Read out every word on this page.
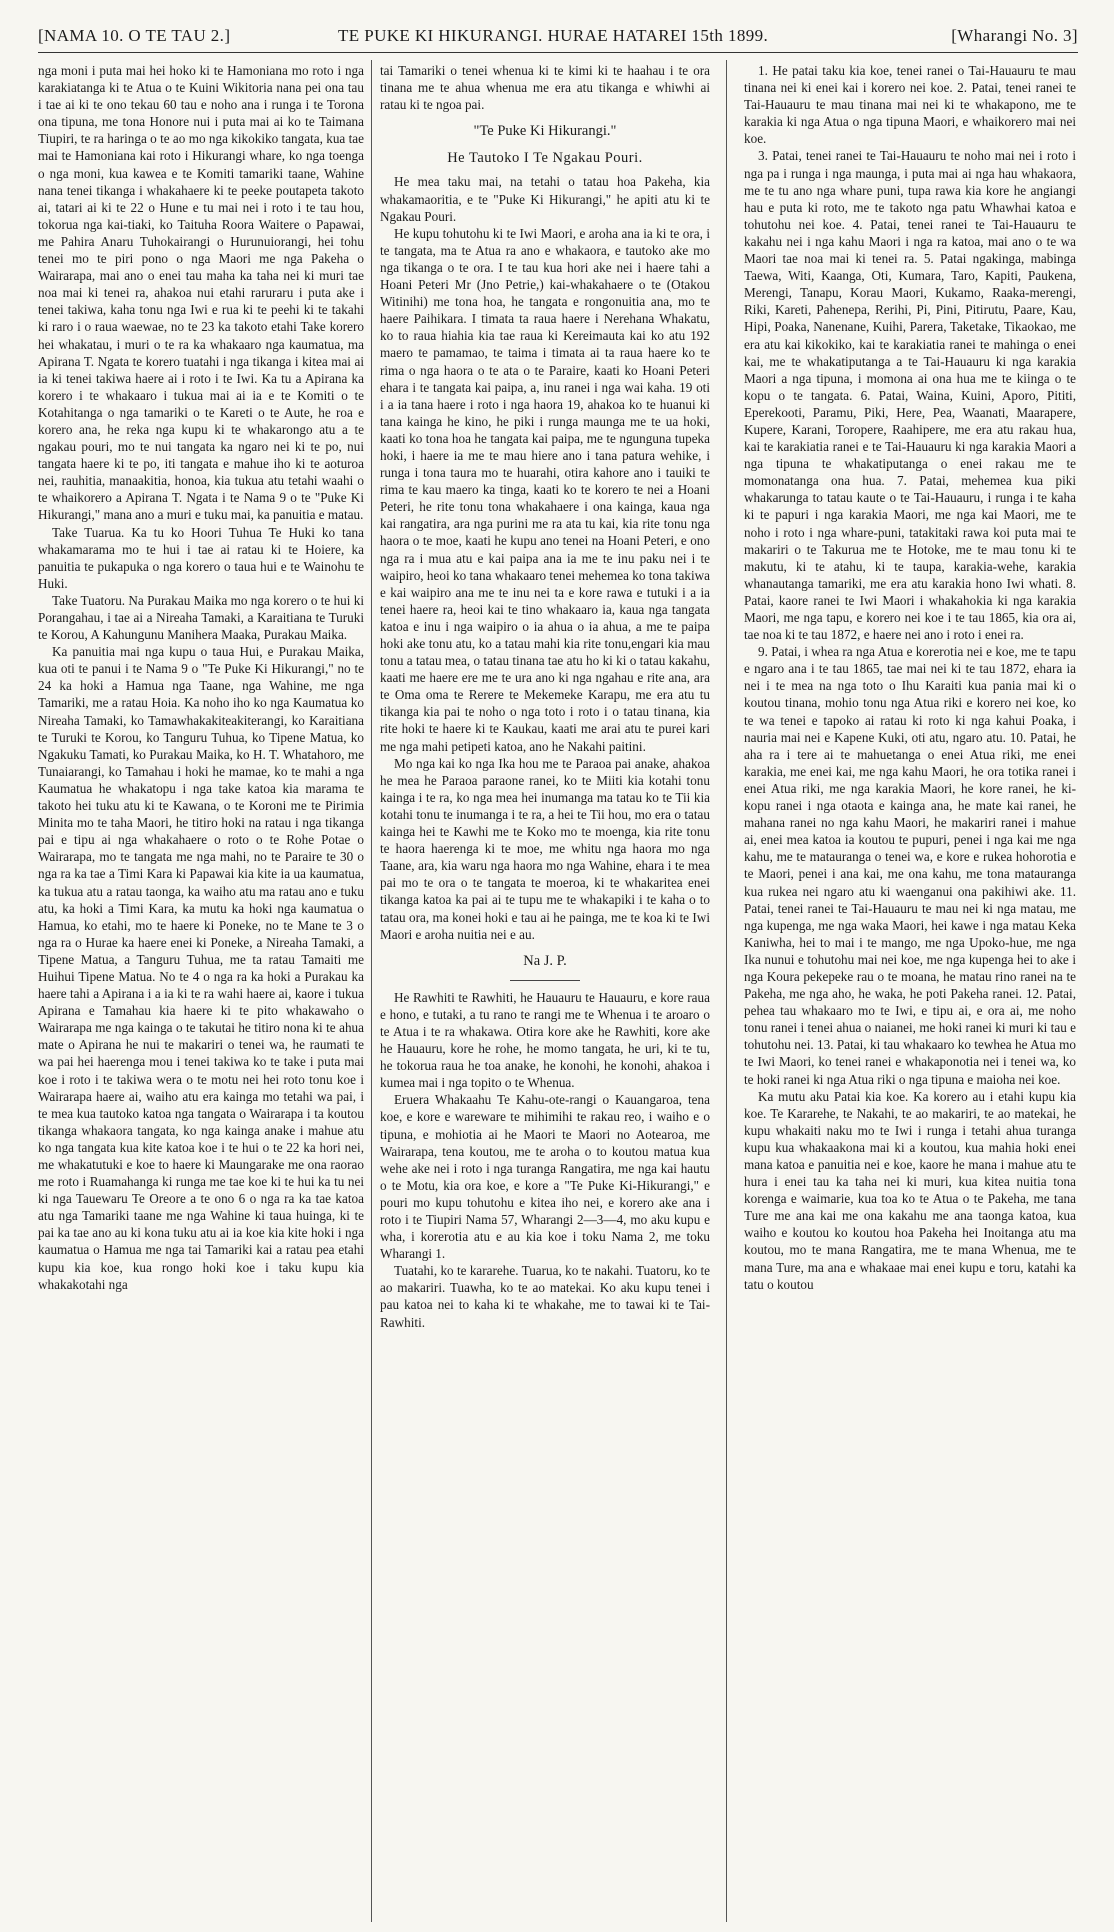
[NAMA 10. O TE TAU 2.]	TE PUKE KI HIKURANGI. HURAE HATAREI 15th 1899.	[Wharangi No. 3]

nga moni i puta mai hei hoko ki te Hamoniana mo roto i nga karakiatanga ki te Atua o te Kuini Wikitoria nana pei ona tau i tae ai ki te ono tekau 60 tau e noho ana i runga i te Torona ona tipuna, me tona Honore nui i puta mai ai ko te Taimana Tiupiri, te ra haringa o te ao mo nga kikokiko tangata, kua tae mai te Hamoniana kai roto i Hikurangi whare, ko nga toenga o nga moni, kua kawea e te Komiti tamariki taane, Wahine nana tenei tikanga i whakahaere ki te peeke poutapeta takoto ai, tatari ai ki te 22 o Hune e tu mai nei i roto i te tau hou, tokorua nga kai-tiaki, ko Taituha Roora Waitere o Papawai, me Pahira Anaru Tuhokairangi o Hurunuiorangi, hei tohu tenei mo te piri pono o nga Maori me nga Pakeha o Wairarapa, mai ano o enei tau maha ka taha nei ki muri tae noa mai ki tenei ra, ahakoa nui etahi raruraru i puta ake i tenei takiwa, kaha tonu nga Iwi e rua ki te peehi ki te takahi ki raro i o raua waewae, no te 23 ka takoto etahi Take korero hei whakatau, i muri o te ra ka whakaaro nga kaumatua, ma Apirana T. Ngata te korero tuatahi i nga tikanga i kitea mai ai ia ki tenei takiwa haere ai i roto i te Iwi. Ka tu a Apirana ka korero i te whakaaro i tukua mai ai ia e te Komiti o te Kotahitanga o nga tamariki o te Kareti o te Aute, he roa e korero ana, he reka nga kupu ki te whakarongo atu a te ngakau pouri, mo te nui tangata ka ngaro nei ki te po, nui tangata haere ki te po, iti tangata e mahue iho ki te aoturoa nei, rauhitia, manaakitia, honoa, kia tukua atu tetahi waahi o te whaikorero a Apirana T. Ngata i te Nama 9 o te "Puke Ki Hikurangi," mana ano a muri e tuku mai, ka panuitia e matau.

Take Tuarua. Ka tu ko Hoori Tuhua Te Huki ko tana whakamarama mo te hui i tae ai ratau ki te Hoiere, ka panuitia te pukapuka o nga korero o taua hui e te Wainohu te Huki.

Take Tuatoru. Na Purakau Maika mo nga korero o te hui ki Porangahau, i tae ai a Nireaha Tamaki, a Karaitiana te Turuki te Korou, A Kahungunu Manihera Maaka, Purakau Maika.

Ka panuitia mai nga kupu o taua Hui, e Purakau Maika, kua oti te panui i te Nama 9 o "Te Puke Ki Hikurangi," no te 24 ka hoki a Hamua nga Taane, nga Wahine, me nga Tamariki, me a ratau Hoia. Ka noho iho ko nga Kaumatua ko Nireaha Tamaki, ko Tamawhakakiteakiterangi, ko Karaitiana te Turuki te Korou, ko Tanguru Tuhua, ko Tipene Matua, ko Ngakuku Tamati, ko Purakau Maika, ko H. T. Whatahoro, me Tunaiarangi, ko Tamahau i hoki he mamae, ko te mahi a nga Kaumatua he whakatopu i nga take katoa kia marama te takoto hei tuku atu ki te Kawana, o te Koroni me te Pirimia Minita mo te taha Maori, he titiro hoki na ratau i nga tikanga pai e tipu ai nga whakahaere o roto o te Rohe Potae o Wairarapa, mo te tangata me nga mahi, no te Paraire te 30 o nga ra ka tae a Timi Kara ki Papawai kia kite ia ua kaumatua, ka tukua atu a ratau taonga, ka waiho atu ma ratau ano e tuku atu, ka hoki a Timi Kara, ka mutu ka hoki nga kaumatua o Hamua, ko etahi, mo te haere ki Poneke, no te Mane te 3 o nga ra o Hurae ka haere enei ki Poneke, a Nireaha Tamaki, a Tipene Matua, a Tanguru Tuhua, me ta ratau Tamaiti me Huihui Tipene Matua. No te 4 o nga ra ka hoki a Purakau ka haere tahi a Apirana i a ia ki te ra wahi haere ai, kaore i tukua Apirana e Tamahau kia haere ki te pito whakawaho o Wairarapa me nga kainga o te takutai he titiro nona ki te ahua mate o Apirana he nui te makariri o tenei wa, he raumati te wa pai hei haerenga mou i tenei takiwa ko te take i puta mai koe i roto i te takiwa wera o te motu nei hei roto tonu koe i Wairarapa haere ai, waiho atu era kainga mo tetahi wa pai, i te mea kua tautoko katoa nga tangata o Wairarapa i ta koutou tikanga whakaora tangata, ko nga kainga anake i mahue atu ko nga tangata kua kite katoa koe i te hui o te 22 ka hori nei, me whakatutuki e koe to haere ki Maungarake me ona raorao me roto i Ruamahanga ki runga me tae koe ki te hui ka tu nei ki nga Tauewaru Te Oreore a te ono 6 o nga ra ka tae katoa atu nga Tamariki taane me nga Wahine ki taua huinga, ki te pai ka tae ano au ki kona tuku atu ai ia koe kia kite hoki i nga kaumatua o Hamua me nga tai Tamariki kai a ratau pea etahi kupu kia koe, kua rongo hoki koe i taku kupu kia whakakotahi nga

tai Tamariki o tenei whenua ki te kimi ki te haahau i te ora tinana me te ahua whenua me era atu tikanga e whiwhi ai ratau ki te ngoa pai.

"Te Puke Ki Hikurangi."
He Tautoko I Te Ngakau Pouri.

He mea taku mai, na tetahi o tatau hoa Pakeha, kia whakamaoritia, e te "Puke Ki Hikurangi," he apiti atu ki te Ngakau Pouri.

He kupu tohutohu ki te Iwi Maori, e aroha ana ia ki te ora, i te tangata, ma te Atua ra ano e whakaora, e tautoko ake mo nga tikanga o te ora. I te tau kua hori ake nei i haere tahi a Hoani Peteri Mr (Jno Petrie,) kai-whakahaere o te (Otakou Witinihi) me tona hoa, he tangata e rongonuitia ana, mo te haere Paihikara. I timata ta raua haere i Nerehana Whakatu, ko to raua hiahia kia tae raua ki Kereimauta kai ko atu 192 maero te pamamao, te taima i timata ai ta raua haere ko te rima o nga haora o te ata o te Paraire, kaati ko Hoani Peteri ehara i te tangata kai paipa, a, inu ranei i nga wai kaha. 19 oti i a ia tana haere i roto i nga haora 19, ahakoa ko te huanui ki tana kainga he kino, he piki i runga maunga me te ua hoki, kaati ko tona hoa he tangata kai paipa, me te ngunguna tupeka hoki, i haere ia me te mau hiere ano i tana patura wehike, i runga i tona taura mo te huarahi, otira kahore ano i tauiki te rima te kau maero ka tinga, kaati ko te korero te nei a Hoani Peteri, he rite tonu tona whakahaere i ona kainga, kaua nga kai rangatira, ara nga purini me ra ata tu kai, kia rite tonu nga haora o te moe, kaati he kupu ano tenei na Hoani Peteri, e ono nga ra i mua atu e kai paipa ana ia me te inu paku nei i te waipiro, heoi ko tana whakaaro tenei mehemea ko tona takiwa e kai waipiro ana me te inu nei ta e kore rawa e tutuki i a ia tenei haere ra, heoi kai te tino whakaaro ia, kaua nga tangata katoa e inu i nga waipiro o ia ahua o ia ahua, a me te paipa hoki ake tonu atu, ko a tatau mahi kia rite tonu,engari kia mau tonu a tatau mea, o tatau tinana tae atu ho ki ki o tatau kakahu, kaati me haere ere me te ura ano ki nga ngahau e rite ana, ara te Oma oma te Rerere te Mekemeke Karapu, me era atu tu tikanga kia pai te noho o nga toto i roto i o tatau tinana, kia rite hoki te haere ki te Kaukau, kaati me arai atu te purei kari me nga mahi petipeti katoa, ano he Nakahi paitini.

Mo nga kai ko nga Ika hou me te Paraoa pai anake, ahakoa he mea he Paraoa paraone ranei, ko te Miiti kia kotahi tonu kainga i te ra, ko nga mea hei inumanga ma tatau ko te Tii kia kotahi tonu te inumanga i te ra, a hei te Tii hou, mo era o tatau kainga hei te Kawhi me te Koko mo te moenga, kia rite tonu te haora haerenga ki te moe, me whitu nga haora mo nga Taane, ara, kia waru nga haora mo nga Wahine, ehara i te mea pai mo te ora o te tangata te moeroa, ki te whakaritea enei tikanga katoa ka pai ai te tupu me te whakapiki i te kaha o to tatau ora, ma konei hoki e tau ai he painga, me te koa ki te Iwi Maori e aroha nuitia nei e au.

Na J. P.

He Rawhiti te Rawhiti, he Hauauru te Hauauru, e kore raua e hono, e tutaki, a tu rano te rangi me te Whenua i te aroaro o te Atua i te ra whakawa. Otira kore ake he Rawhiti, kore ake he Hauauru, kore he rohe, he momo tangata, he uri, ki te tu, he tokorua raua he toa anake, he konohi, he konohi, ahakoa i kumea mai i nga topito o te Whenua.

Eruera Whakaahu Te Kahu-ote-rangi o Kauangaroa, tena koe, e kore e wareware te mihimihi te rakau reo, i waiho e o tipuna, e mohiotia ai he Maori te Maori no Aotearoa, me Wairarapa, tena koutou, me te aroha o to koutou matua kua wehe ake nei i roto i nga turanga Rangatira, me nga kai hautu o te Motu, kia ora koe, e kore a "Te Puke Ki-Hikurangi," e pouri mo kupu tohutohu e kitea iho nei, e korero ake ana i roto i te Tiupiri Nama 57, Wharangi 2—3—4, mo aku kupu e wha, i korerotia atu e au kia koe i toku Nama 2, me toku Wharangi 1.

Tuatahi, ko te kararehe. Tuarua, ko te nakahi. Tuatoru, ko te ao makariri. Tuawha, ko te ao matekai. Ko aku kupu tenei i pau katoa nei to kaha ki te whakahe, me to tawai ki te Tai-Rawhiti.

1. He patai taku kia koe, tenei ranei o Tai-Hauauru te mau tinana nei ki enei kai i korero nei koe. 2. Patai, tenei ranei te Tai-Hauauru te mau tinana mai nei ki te whakapono, me te karakia ki nga Atua o nga tipuna Maori, e whaikorero mai nei koe.

3. Patai, tenei ranei te Tai-Hauauru te noho mai nei i roto i nga pa i runga i nga maunga, i puta mai ai nga hau whakaora, me te tu ano nga whare puni, tupa rawa kia kore he angiangi hau e puta ki roto, me te takoto nga patu Whawhai katoa e tohutohu nei koe. 4. Patai, tenei ranei te Tai-Hauauru te kakahu nei i nga kahu Maori i nga ra katoa, mai ano o te wa Maori tae noa mai ki tenei ra. 5. Patai ngakinga, mabinga Taewa, Witi, Kaanga, Oti, Kumara, Taro, Kapiti, Paukena, Merengi, Tanapu, Korau Maori, Kukamo, Raaka-merengi, Riki, Kareti, Pahenepa, Rerihi, Pi, Pini, Pitirutu, Paare, Kau, Hipi, Poaka, Nanenane, Kuihi, Parera, Taketake, Tikaokao, me era atu kai kikokiko, kai te karakiatia ranei te mahinga o enei kai, me te whakatiputanga a te Tai-Hauauru ki nga karakia Maori a nga tipuna, i momona ai ona hua me te kiinga o te kopu o te tangata. 6. Patai, Waina, Kuini, Aporo, Pititi, Eperekooti, Paramu, Piki, Here, Pea, Waanati, Maarapere, Kupere, Karani, Toropere, Raahipere, me era atu rakau hua, kai te karakiatia ranei e te Tai-Hauauru ki nga karakia Maori a nga tipuna te whakatiputanga o enei rakau me te momonatanga ona hua. 7. Patai, mehemea kua piki whakarunga to tatau kaute o te Tai-Hauauru, i runga i te kaha ki te papuri i nga karakia Maori, me nga kai Maori, me te noho i roto i nga whare-puni, tatakitaki rawa koi puta mai te makariri o te Takurua me te Hotoke, me te mau tonu ki te makutu, ki te atahu, ki te taupa, karakia-wehe, karakia whanautanga tamariki, me era atu karakia hono Iwi whati. 8. Patai, kaore ranei te Iwi Maori i whakahokia ki nga karakia Maori, me nga tapu, e korero nei koe i te tau 1865, kia ora ai, tae noa ki te tau 1872, e haere nei ano i roto i enei ra.

9. Patai, i whea ra nga Atua e korerotia nei e koe, me te tapu e ngaro ana i te tau 1865, tae mai nei ki te tau 1872, ehara ia nei i te mea na nga toto o Ihu Karaiti kua pania mai ki o koutou tinana, mohio tonu nga Atua riki e korero nei koe, ko te wa tenei e tapoko ai ratau ki roto ki nga kahui Poaka, i nauria mai nei e Kapene Kuki, oti atu, ngaro atu. 10. Patai, he aha ra i tere ai te mahuetanga o enei Atua riki, me enei karakia, me enei kai, me nga kahu Maori, he ora totika ranei i enei Atua riki, me nga karakia Maori, he kore ranei, he ki-kopu ranei i nga otaota e kainga ana, he mate kai ranei, he mahana ranei no nga kahu Maori, he makariri ranei i mahue ai, enei mea katoa ia koutou te pupuri, penei i nga kai me nga kahu, me te matauranga o tenei wa, e kore e rukea hohorotia e te Maori, penei i ana kai, me ona kahu, me tona matauranga kua rukea nei ngaro atu ki waenganui ona pakihiwi ake. 11. Patai, tenei ranei te Tai-Hauauru te mau nei ki nga matau, me nga kupenga, me nga waka Maori, hei kawe i nga matau Keka Kaniwha, hei to mai i te mango, me nga Upoko-hue, me nga Ika nunui e tohutohu mai nei koe, me nga kupenga hei to ake i nga Koura pekepeke rau o te moana, he matau rino ranei na te Pakeha, me nga aho, he waka, he poti Pakeha ranei. 12. Patai, pehea tau whakaaro mo te Iwi, e tipu ai, e ora ai, me noho tonu ranei i tenei ahua o naianei, me hoki ranei ki muri ki tau e tohutohu nei. 13. Patai, ki tau whakaaro ko tewhea he Atua mo te Iwi Maori, ko tenei ranei e whakaponotia nei i tenei wa, ko te hoki ranei ki nga Atua riki o nga tipuna e maioha nei koe.

Ka mutu aku Patai kia koe. Ka korero au i etahi kupu kia koe. Te Kararehe, te Nakahi, te ao makariri, te ao matekai, he kupu whakaiti naku mo te Iwi i runga i tetahi ahua turanga kupu kua whakaakona mai ki a koutou, kua mahia hoki enei mana katoa e panuitia nei e koe, kaore he mana i mahue atu te hura i enei tau ka taha nei ki muri, kua kitea nuitia tona korenga e waimarie, kua toa ko te Atua o te Pakeha, me tana Ture me ana kai me ona kakahu me ana taonga katoa, kua waiho e koutou ko koutou hoa Pakeha hei Inoitanga atu ma koutou, mo te mana Rangatira, me te mana Whenua, me te mana Ture, ma ana e whakaae mai enei kupu e toru, katahi ka tatu o koutou
